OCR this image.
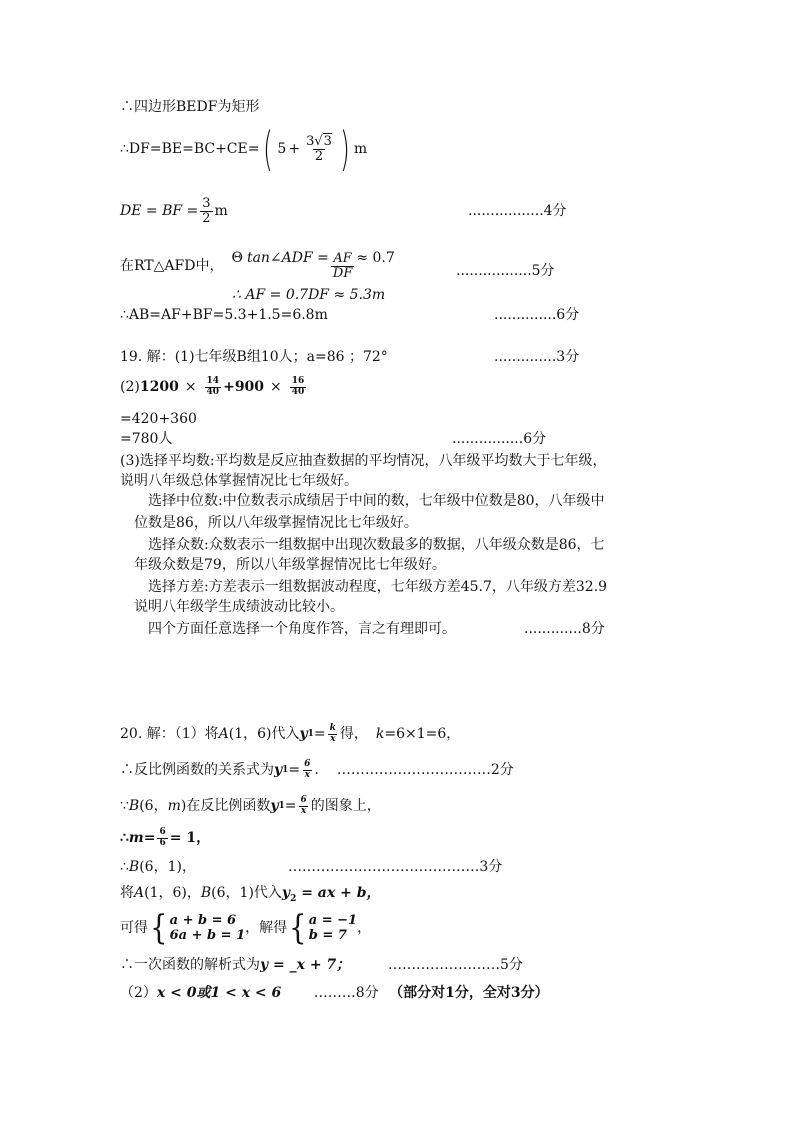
∴四边形BEDF为矩形
∴DF=BE=BC+CE= ( $5 + \frac{3√3}{2}$ ) m
DE = BF = $\frac{3}{2}$ m	.................4分
在RT△AFD中， Θ tan∠ADF = $\frac{AF}{DF} \approx 0.7$
.................5分
∴ AF = 0.7DF ≈ 5.3m
∴AB=AF+BF=5.3+1.5=6.8m	..............6分
19. 解：(1)七年级B组10人；a=86 ；72°	..............3分
(2) $1200 \times \frac{14}{40} + 900 \times \frac{16}{40}$
=420+360
=780人	................6分
(3)选择平均数:平均数是反应抽查数据的平均情况，八年级平均数大于七年级，
说明八年级总体掌握情况比七年级好。
选择中位数:中位数表示成绩居于中间的数，七年级中位数是80，八年级中
位数是86，所以八年级掌握情况比七年级好。
选择众数:众数表示一组数据中出现次数最多的数据，八年级众数是86，七
年级众数是79，所以八年级掌握情况比七年级好。
选择方差:方差表示一组数据波动程度，七年级方差45.7，八年级方差32.9
说明八年级学生成绩波动比较小。
四个方面任意选择一个角度作答，言之有理即可。	.............8分
20. 解：（1）将 A (1，6)代入 y $1 = \frac{k}{x}$ 得， k =6×1=6，
∴反比例函数的关系式为 y $1 = \frac{6}{x}$ . ……………………………2分
∵ B (6， m )在反比例函数 y $1 = \frac{6}{x}$ 的图象上，
∴ $m = \frac{6}{6} = 1$，
∴B(6，1)，	……………………………‥……3分
将A(1，6)，B(6，1)代入$y_2$ = ax + b，
可得 { a + b = 6
6a + b = 1 ，解得 { a = −1
b = 7 ，
∴一次函数的解析式为y = _x + 7；	……………………5分
（2）x < 0或1 < x < 6 ………8分 （部分对1分，全对3分）
